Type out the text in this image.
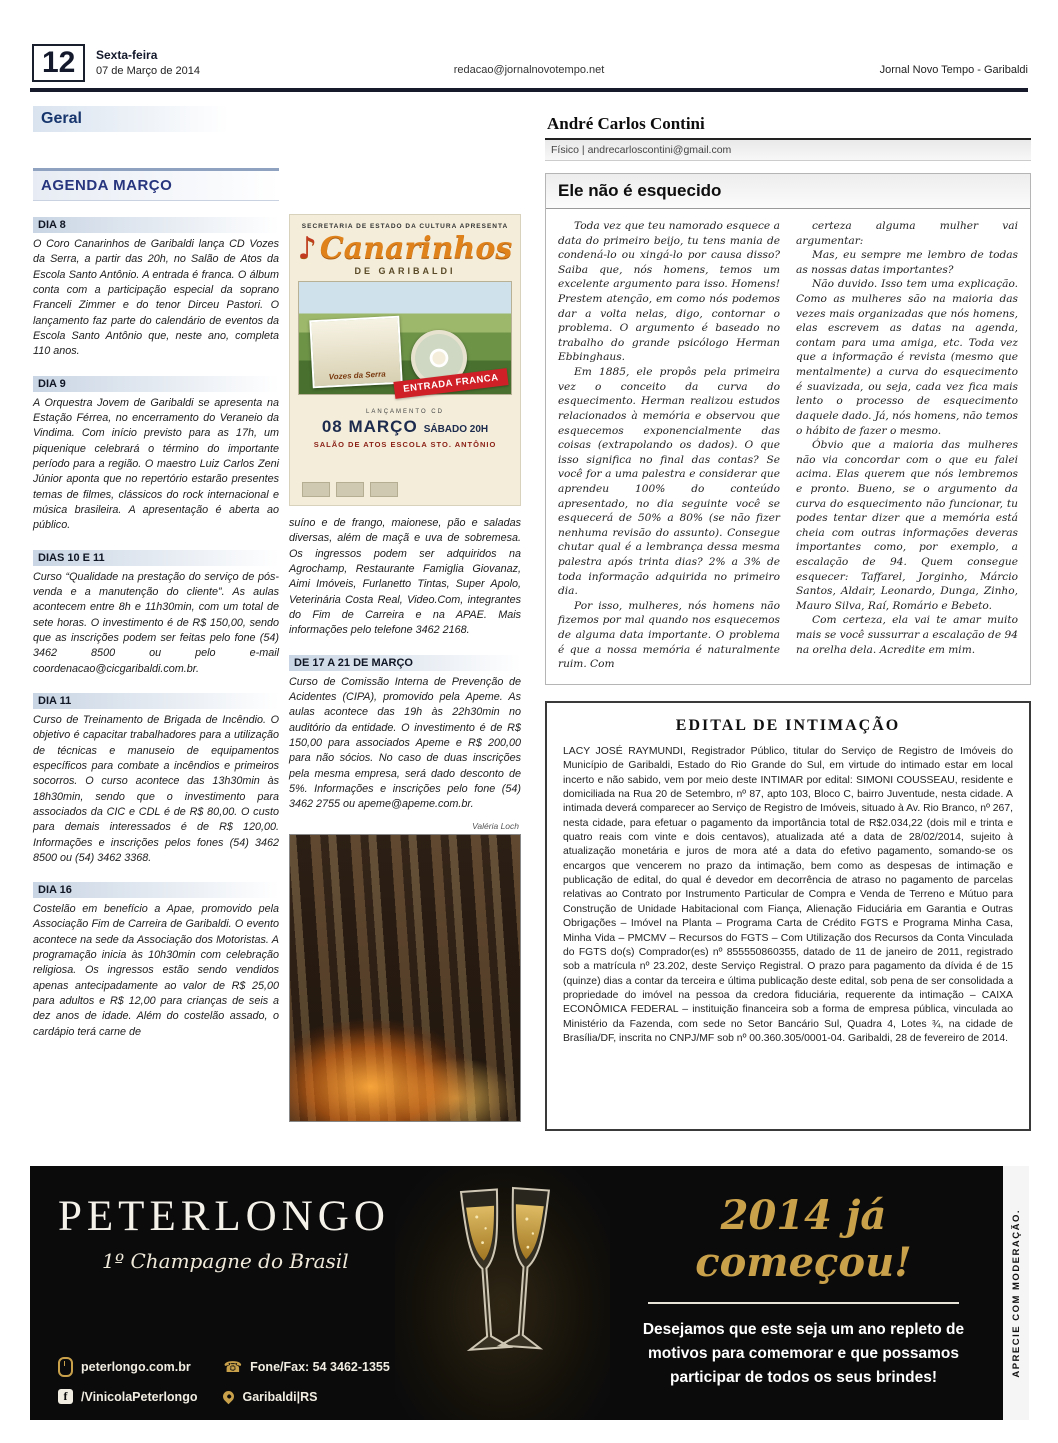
12	Sexta-feira
07 de Março de 2014	redacao@jornalnovotempo.net	Jornal Novo Tempo - Garibaldi
Geral
AGENDA MARÇO
DIA 8

O Coro Canarinhos de Garibaldi lança CD Vozes da Serra, a partir das 20h, no Salão de Atos da Escola Santo Antônio. A entrada é franca. O álbum conta com a participação especial da soprano Franceli Zimmer e do tenor Dirceu Pastori. O lançamento faz parte do calendário de eventos da Escola Santo Antônio que, neste ano, completa 110 anos.

DIA 9

A Orquestra Jovem de Garibaldi se apresenta na Estação Férrea, no encerramento do Veraneio da Vindima. Com início previsto para as 17h, um piquenique celebrará o término do importante período para a região. O maestro Luiz Carlos Zeni Júnior aponta que no repertório estarão presentes temas de filmes, clássicos do rock internacional e música brasileira. A apresentação é aberta ao público.

DIAS 10 E 11

Curso “Qualidade na prestação do serviço de pós-venda e a manutenção do cliente”. As aulas acontecem entre 8h e 11h30min, com um total de sete horas. O investimento é de R$ 150,00, sendo que as inscrições podem ser feitas pelo fone (54) 3462 8500 ou pelo e-mail coordenacao@cicgaribaldi.com.br.

DIA 11

Curso de Treinamento de Brigada de Incêndio. O objetivo é capacitar trabalhadores para a utilização de técnicas e manuseio de equipamentos específicos para combate a incêndios e primeiros socorros. O curso acontece das 13h30min às 18h30min, sendo que o investimento para associados da CIC e CDL é de R$ 80,00. O custo para demais interessados é de R$ 120,00. Informações e inscrições pelos fones (54) 3462 8500 ou (54) 3462 3368.

DIA 16

Costelão em benefício a Apae, promovido pela Associação Fim de Carreira de Garibaldi. O evento acontece na sede da Associação dos Motoristas. A programação inicia às 10h30min com celebração religiosa. Os ingressos estão sendo vendidos apenas antecipadamente ao valor de R$ 25,00 para adultos e R$ 12,00 para crianças de seis a dez anos de idade. Além do costelão assado, o cardápio terá carne de

SECRETARIA DE ESTADO DA CULTURA APRESENTA
♪ Canarinhos
DE GARIBALDI
Vozes da Serra	ENTRADA FRANCA
LANÇAMENTO CD
08 MARÇO SÁBADO 20H
SALÃO DE ATOS ESCOLA STO. ANTÔNIO

suíno e de frango, maionese, pão e saladas diversas, além de maçã e uva de sobremesa. Os ingressos podem ser adquiridos na Agrochamp, Restaurante Famiglia Giovanaz, Aimi Imóveis, Furlanetto Tintas, Super Apolo, Veterinária Costa Real, Video.Com, integrantes do Fim de Carreira e na APAE. Mais informações pelo telefone 3462 2168.

DE 17 A 21 DE MARÇO

Curso de Comissão Interna de Prevenção de Acidentes (CIPA), promovido pela Apeme. As aulas acontece das 19h às 22h30min no auditório da entidade. O investimento é de R$ 150,00 para associados Apeme e R$ 200,00 para não sócios. No caso de duas inscrições pela mesma empresa, será dado desconto de 5%. Informações e inscrições pelo fone (54) 3462 2755 ou apeme@apeme.com.br.

Valéria Loch
André Carlos Contini
Físico | andrecarloscontini@gmail.com
Ele não é esquecido

Toda vez que teu namorado esquece a data do primeiro beijo, tu tens mania de condená-lo ou xingá-lo por causa disso? Saiba que, nós homens, temos um excelente argumento para isso. Homens! Prestem atenção, em como nós podemos dar a volta nelas, digo, contornar o problema. O argumento é baseado no trabalho do grande psicólogo Herman Ebbinghaus.

Em 1885, ele propôs pela primeira vez o conceito da curva do esquecimento. Herman realizou estudos relacionados à memória e observou que esquecemos exponencialmente das coisas (extrapolando os dados). O que isso significa no final das contas? Se você for a uma palestra e considerar que aprendeu 100% do conteúdo apresentado, no dia seguinte você se esquecerá de 50% a 80% (se não fizer nenhuma revisão do assunto). Consegue chutar qual é a lembrança dessa mesma palestra após trinta dias? 2% a 3% de toda informação adquirida no primeiro dia.

Por isso, mulheres, nós homens não fizemos por mal quando nos esquecemos de alguma data importante. O problema é que a nossa memória é naturalmente ruim. Com

certeza alguma mulher vai argumentar:

Mas, eu sempre me lembro de todas as nossas datas importantes?

Não duvido. Isso tem uma explicação. Como as mulheres são na maioria das vezes mais organizadas que nós homens, elas escrevem as datas na agenda, contam para uma amiga, etc. Toda vez que a informação é revista (mesmo que mentalmente) a curva do esquecimento é suavizada, ou seja, cada vez fica mais lento o processo de esquecimento daquele dado. Já, nós homens, não temos o hábito de fazer o mesmo.

Óbvio que a maioria das mulheres não via concordar com o que eu falei acima. Elas querem que nós lembremos e pronto. Bueno, se o argumento da curva do esquecimento não funcionar, tu podes tentar dizer que a memória está cheia com outras informações deveras importantes como, por exemplo, a escalação de 94. Quem consegue esquecer: Taffarel, Jorginho, Márcio Santos, Aldair, Leonardo, Dunga, Zinho, Mauro Silva, Raí, Romário e Bebeto.

Com certeza, ela vai te amar muito mais se você sussurrar a escalação de 94 na orelha dela. Acredite em mim.

EDITAL DE INTIMAÇÃO

LACY JOSÉ RAYMUNDI, Registrador Público, titular do Serviço de Registro de Imóveis do Município de Garibaldi, Estado do Rio Grande do Sul, em virtude do intimado estar em local incerto e não sabido, vem por meio deste INTIMAR por edital: SIMONI COUSSEAU, residente e domiciliada na Rua 20 de Setembro, nº 87, apto 103, Bloco C, bairro Juventude, nesta cidade. A intimada deverá comparecer ao Serviço de Registro de Imóveis, situado à Av. Rio Branco, nº 267, nesta cidade, para efetuar o pagamento da importância total de R$2.034,22 (dois mil e trinta e quatro reais com vinte e dois centavos), atualizada até a data de 28/02/2014, sujeito à atualização monetária e juros de mora até a data do efetivo pagamento, somando-se os encargos que vencerem no prazo da intimação, bem como as despesas de intimação e publicação de edital, do qual é devedor em decorrência de atraso no pagamento de parcelas relativas ao Contrato por Instrumento Particular de Compra e Venda de Terreno e Mútuo para Construção de Unidade Habitacional com Fiança, Alienação Fiduciária em Garantia e Outras Obrigações – Imóvel na Planta – Programa Carta de Crédito FGTS e Programa Minha Casa, Minha Vida – PMCMV – Recursos do FGTS – Com Utilização dos Recursos da Conta Vinculada do FGTS do(s) Comprador(es) nº 855550860355, datado de 11 de janeiro de 2011, registrado sob a matrícula nº 23.202, deste Serviço Registral. O prazo para pagamento da dívida é de 15 (quinze) dias a contar da terceira e última publicação deste edital, sob pena de ser consolidada a propriedade do imóvel na pessoa da credora fiduciária, requerente da intimação – CAIXA ECONÔMICA FEDERAL – instituição financeira sob a forma de empresa pública, vinculada ao Ministério da Fazenda, com sede no Setor Bancário Sul, Quadra 4, Lotes ¾, na cidade de Brasília/DF, inscrita no CNPJ/MF sob nº 00.360.305/0001-04. Garibaldi, 28 de fevereiro de 2014.

PETERLONGO
1º Champagne do Brasil
peterlongo.com.br ☎ Fone/Fax: 54 3462-1355
f	/VinicolaPeterlongo	Garibaldi|RS
2014 já começou!
Desejamos que este seja um ano repleto de motivos para comemorar e que possamos participar de todos os seus brindes!
APRECIE COM MODERAÇÃO.
